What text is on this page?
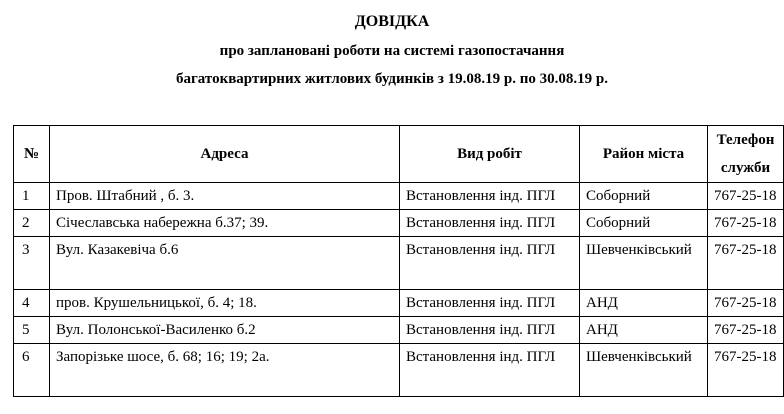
ДОВІДКА
про заплановані роботи на системі газопостачання
багатоквартирних житлових будинків з 19.08.19 р. по 30.08.19 р.
№	Адреса	Вид робіт	Район міста	Телефон
служби

1	Пров. Штабний , б. 3.	Встановлення інд. ПГЛ	Соборний	767-25-18
2	Січеславська набережна б.37; 39.	Встановлення інд. ПГЛ	Соборний	767-25-18
3	Вул. Казакевіча б.6	Встановлення інд. ПГЛ	Шевченківський	767-25-18
4	пров. Крушельницької, б. 4; 18.	Встановлення інд. ПГЛ	АНД	767-25-18
5	Вул. Полонської-Василенко б.2	Встановлення інд. ПГЛ	АНД	767-25-18
6	Запорізьке шосе, б. 68; 16; 19; 2а.	Встановлення інд. ПГЛ	Шевченківський	767-25-18
